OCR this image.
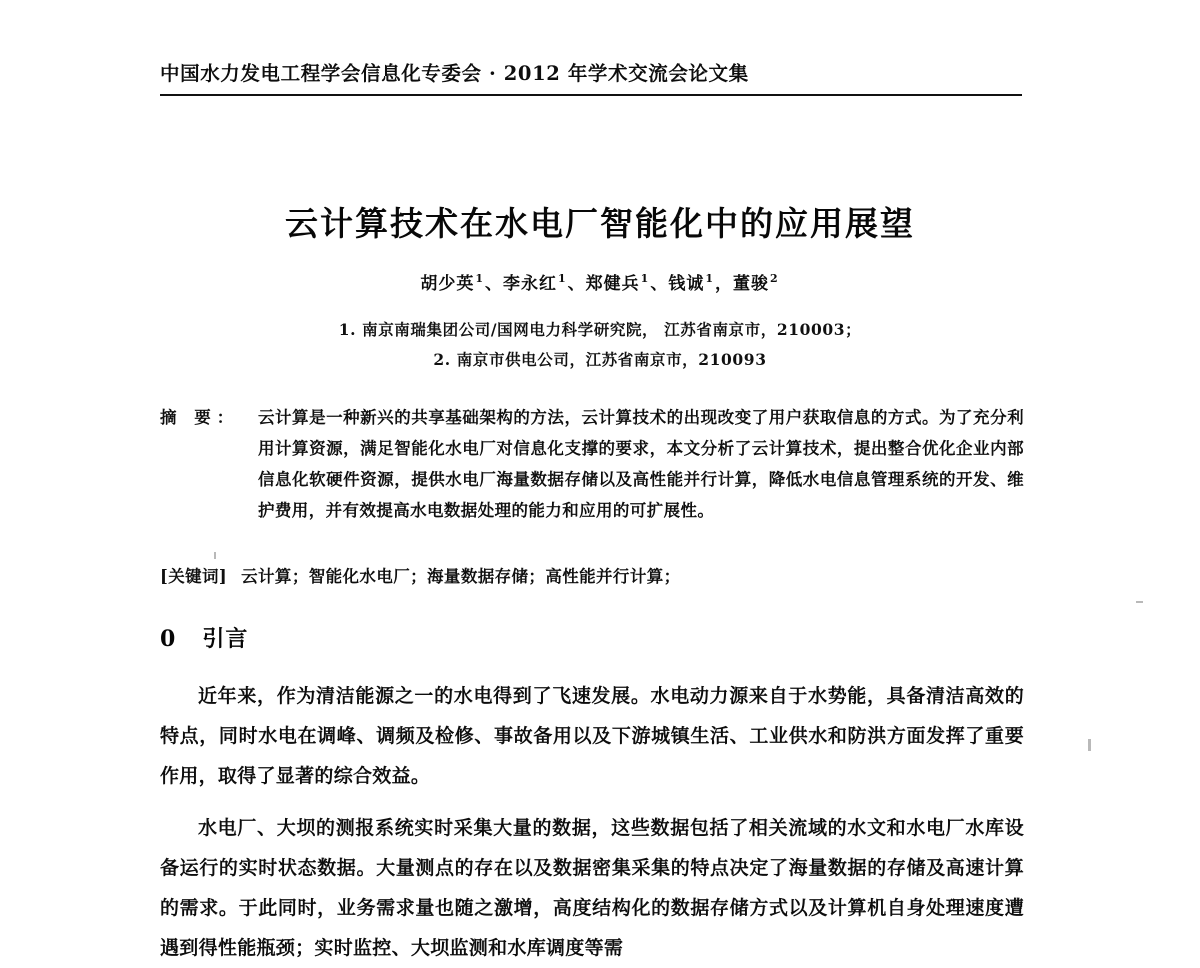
中国水力发电工程学会信息化专委会 · 2012 年学术交流会论文集
云计算技术在水电厂智能化中的应用展望
胡少英$^1$、李永红$^1$、郑健兵$^1$、钱诚$^1$，董骏$^2$
1. 南京南瑞集团公司/国网电力科学研究院， 江苏省南京市，210003；
2. 南京市供电公司，江苏省南京市，210093
摘 要：	云计算是一种新兴的共享基础架构的方法，云计算技术的出现改变了用户获取信息的方式。为了充分利用计算资源，满足智能化水电厂对信息化支撑的要求，本文分析了云计算技术，提出整合优化企业内部信息化软硬件资源，提供水电厂海量数据存储以及高性能并行计算，降低水电信息管理系统的开发、维护费用，并有效提高水电数据处理的能力和应用的可扩展性。
[关键词] 云计算；智能化水电厂；海量数据存储；高性能并行计算；
0 引言

近年来，作为清洁能源之一的水电得到了飞速发展。水电动力源来自于水势能，具备清洁高效的特点，同时水电在调峰、调频及检修、事故备用以及下游城镇生活、工业供水和防洪方面发挥了重要作用，取得了显著的综合效益。

水电厂、大坝的测报系统实时采集大量的数据，这些数据包括了相关流域的水文和水电厂水库设备运行的实时状态数据。大量测点的存在以及数据密集采集的特点决定了海量数据的存储及高速计算的需求。于此同时，业务需求量也随之激增，高度结构化的数据存储方式以及计算机自身处理速度遭遇到得性能瓶颈；实时监控、大坝监测和水库调度等需
